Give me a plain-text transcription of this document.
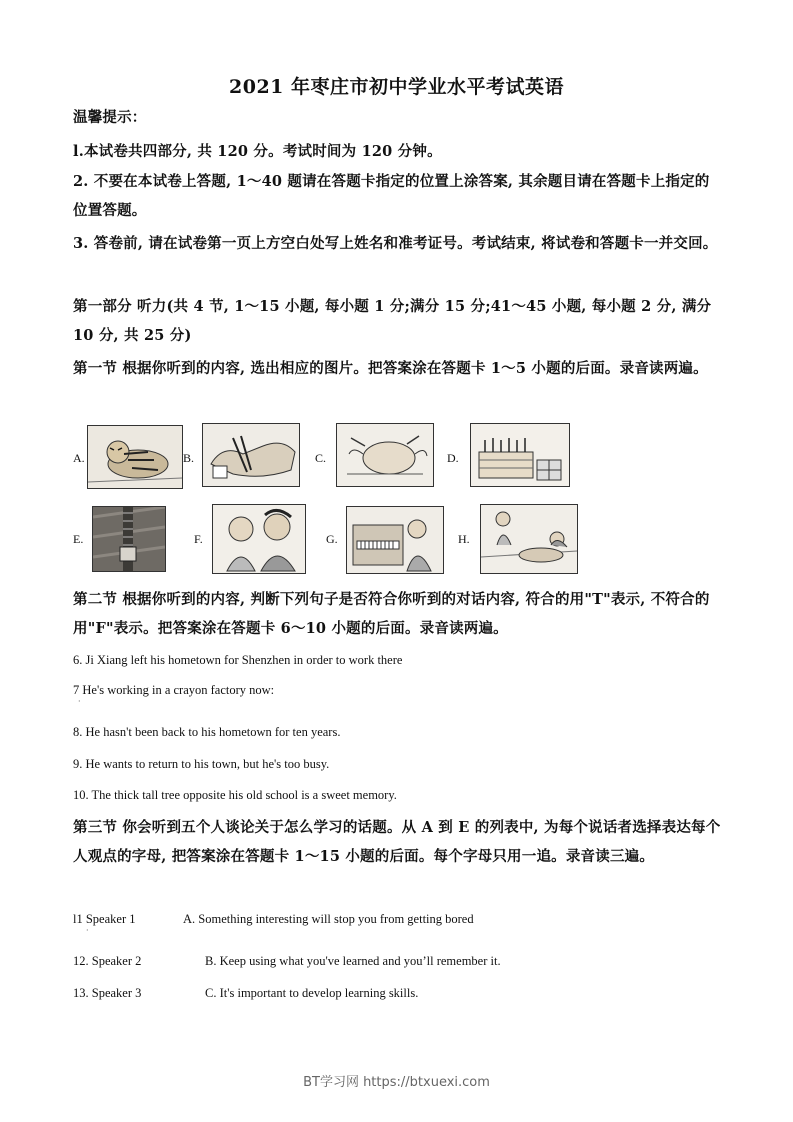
2021 年枣庄市初中学业水平考试英语
温馨提示：
l.本试卷共四部分, 共 120 分。考试时间为 120 分钟。
2. 不要在本试卷上答题, 1～40 题请在答题卡指定的位置上涂答案, 其余题目请在答题卡上指定的位置答题。
3. 答卷前, 请在试卷第一页上方空白处写上姓名和准考证号。考试结束, 将试卷和答题卡一并交回。
第一部分 听力(共 4 节, 1～15 小题, 每小题 1 分;满分 15 分;41～45 小题, 每小题 2 分, 满分 10 分, 共 25 分)
第一节 根据你听到的内容, 选出相应的图片。把答案涂在答题卡 1～5 小题的后面。录音读两遍。
A.	B.	C.	D.
E.	F.	G.	H.
第二节 根据你听到的内容, 判断下列句子是否符合你听到的对话内容, 符合的用"T"表示, 不符合的用"F"表示。把答案涂在答题卡 6～10 小题的后面。录音读两遍。
6. Ji Xiang left his hometown for Shenzhen in order to work there
7 He's working in a crayon factory now:
·
8. He hasn't been back to his hometown for ten years.
9. He wants to return to his town, but he's too busy.
10. The thick tall tree opposite his old school is a sweet memory.
第三节 你会听到五个人谈论关于怎么学习的话题。从 A 到 E 的列表中, 为每个说话者选择表达每个人观点的字母, 把答案涂在答题卡 1～15 小题的后面。每个字母只用一追。录音读三遍。
l1 Speaker 1	A. Something interesting will stop you from getting bored
·
12. Speaker 2	B. Keep using what you've learned and you’ll remember it.
13. Speaker 3	C. It's important to develop learning skills.
BT学习网 https://btxuexi.com
